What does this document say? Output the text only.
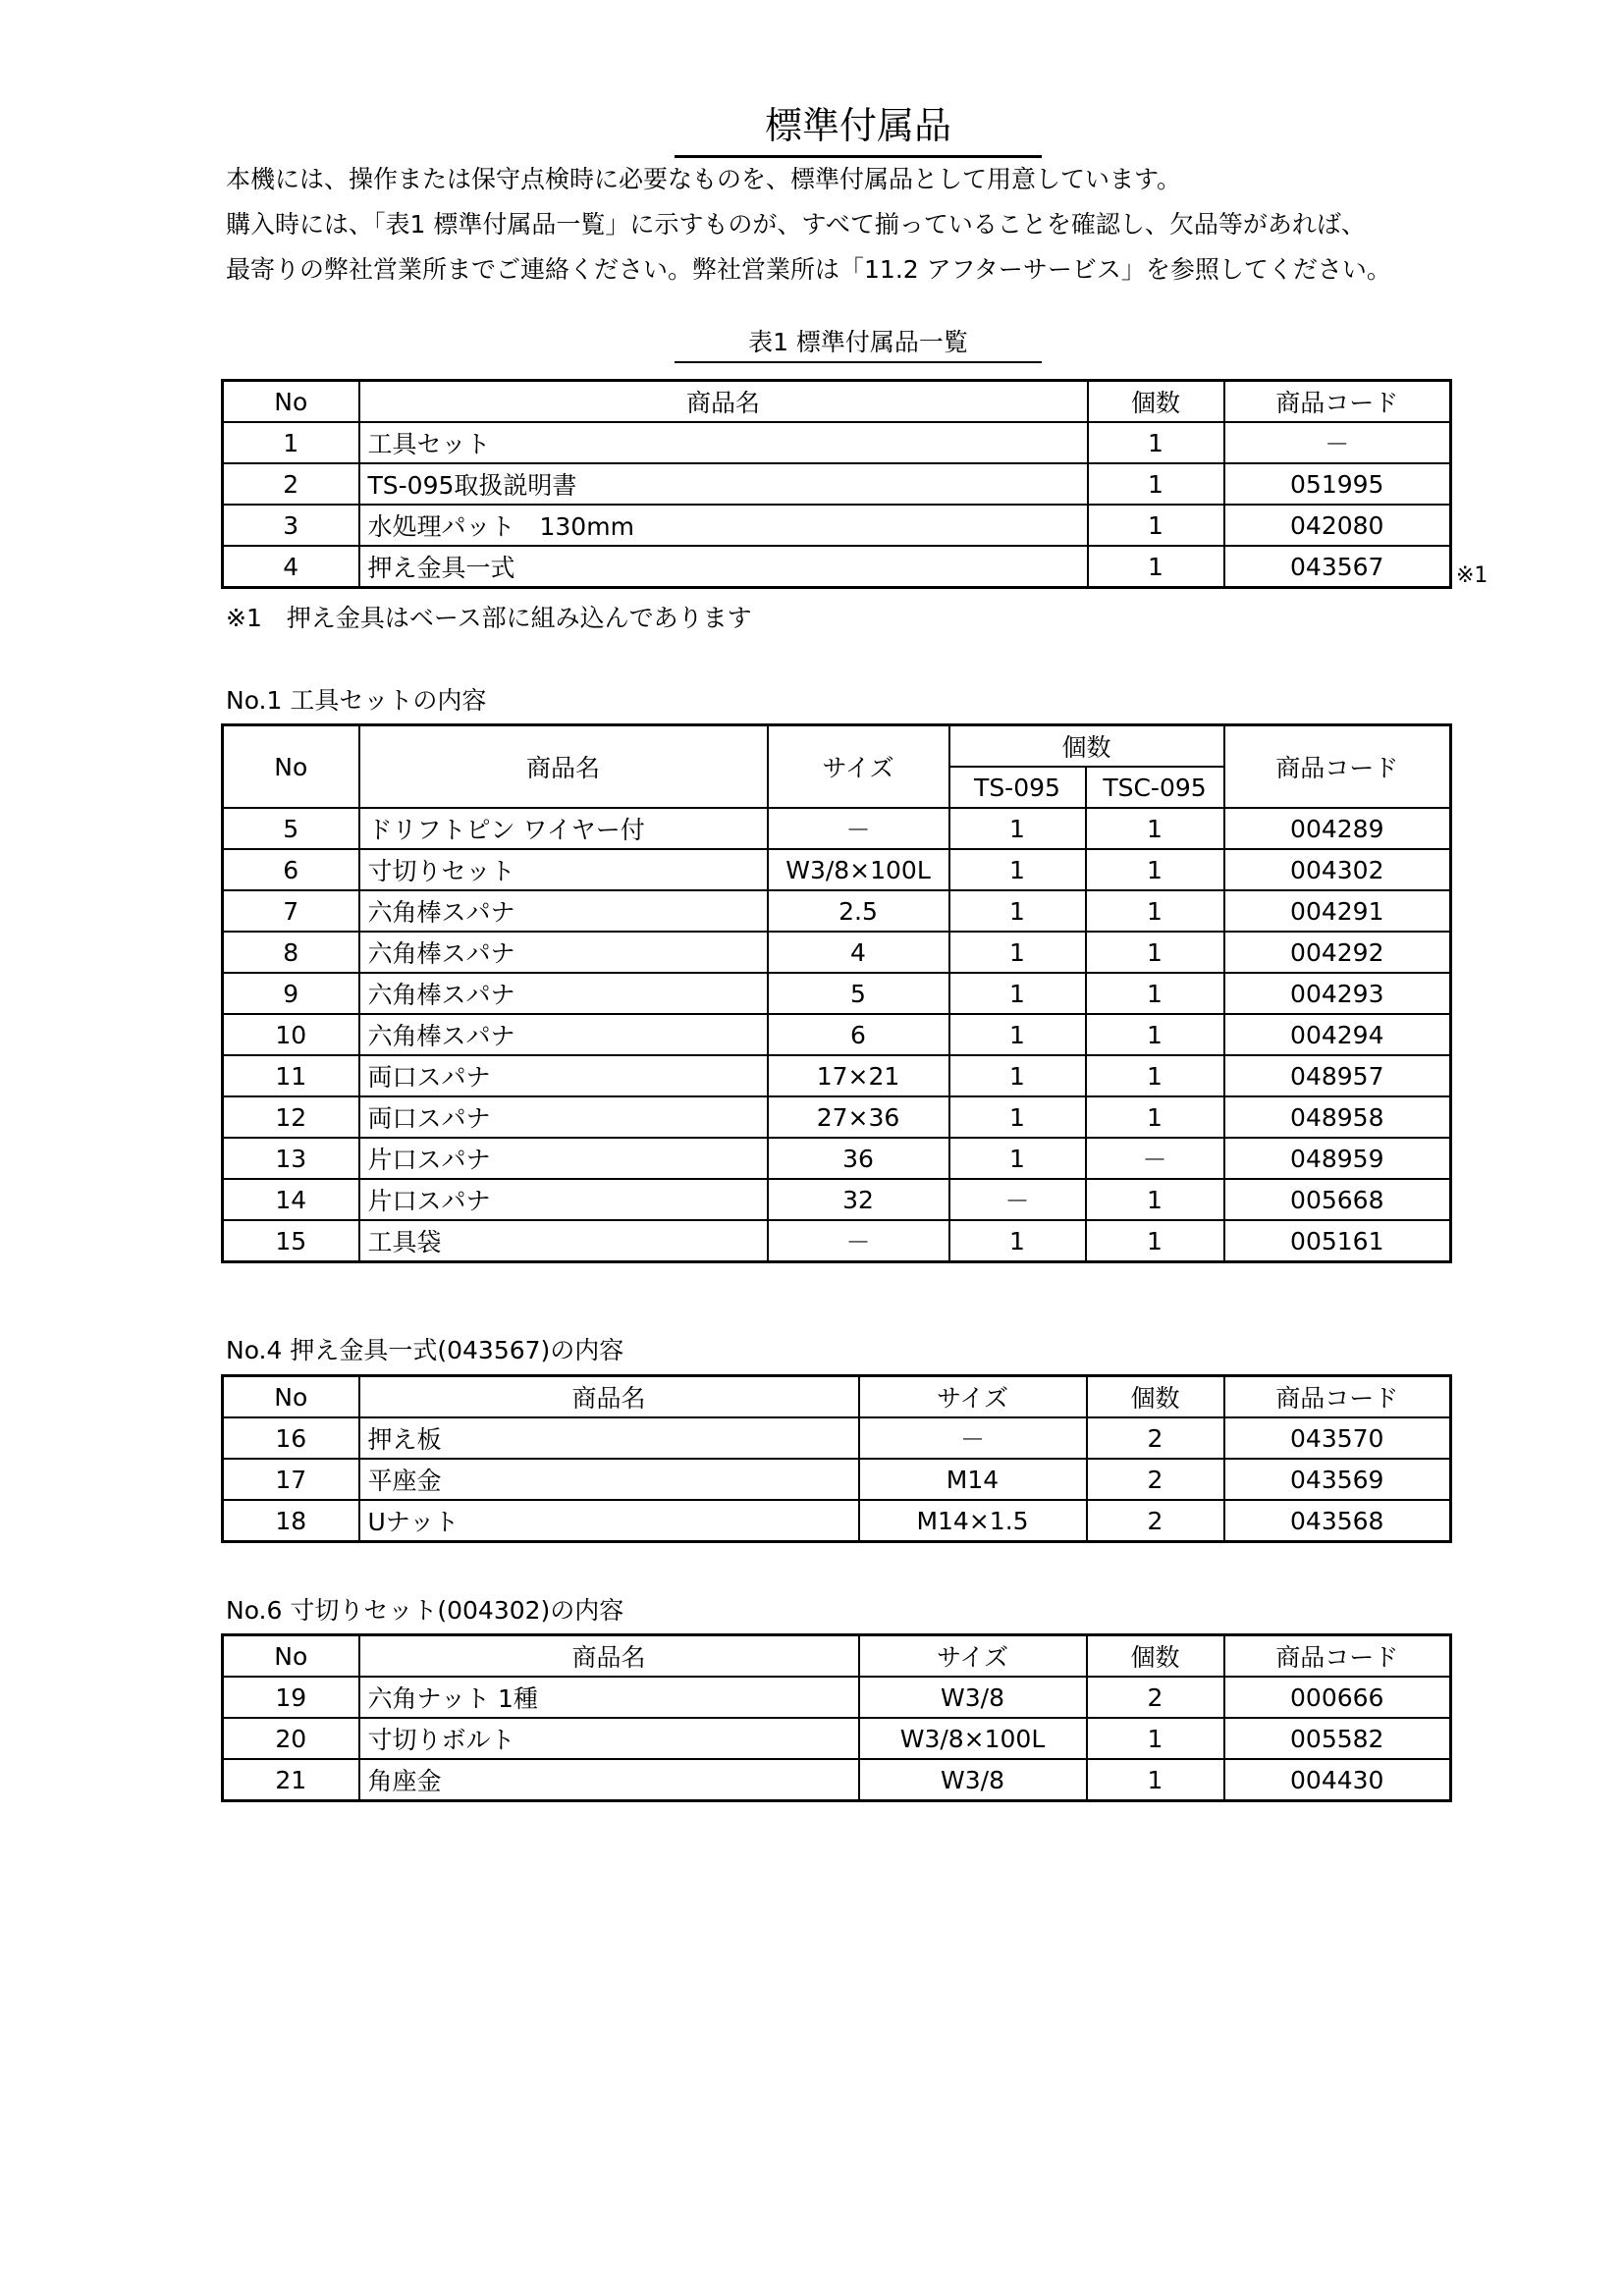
標準付属品

本機には、操作または保守点検時に必要なものを、標準付属品として用意しています。

購入時には、「表1 標準付属品一覧」に示すものが、すべて揃っていることを確認し、欠品等があれば、

最寄りの弊社営業所までご連絡ください。弊社営業所は「11.2 アフターサービス」を参照してください。

表1 標準付属品一覧
No	商品名	個数	商品コード
1	工具セット	1	－
2	TS-095取扱説明書	1	051995
3	水処理パット　130mm	1	042080
4	押え金具一式	1	043567	※1
※1　押え金具はベース部に組み込んであります
No.1 工具セットの内容
No	商品名	サイズ	個数		商品コード
			TS-095	TSC-095	
5	ドリフトピン ワイヤー付	－	1	1	004289
6	寸切りセット	W3/8×100L	1	1	004302
7	六角棒スパナ	2.5	1	1	004291
8	六角棒スパナ	4	1	1	004292
9	六角棒スパナ	5	1	1	004293
10	六角棒スパナ	6	1	1	004294
11	両口スパナ	17×21	1	1	048957
12	両口スパナ	27×36	1	1	048958
13	片口スパナ	36	1	－	048959
14	片口スパナ	32	－	1	005668
15	工具袋	－	1	1	005161
No.4 押え金具一式(043567)の内容
No	商品名	サイズ	個数	商品コード
16	押え板	－	2	043570
17	平座金	M14	2	043569
18	Uナット	M14×1.5	2	043568
No.6 寸切りセット(004302)の内容
No	商品名	サイズ	個数	商品コード
19	六角ナット 1種	W3/8	2	000666
20	寸切りボルト	W3/8×100L	1	005582
21	角座金	W3/8	1	004430
